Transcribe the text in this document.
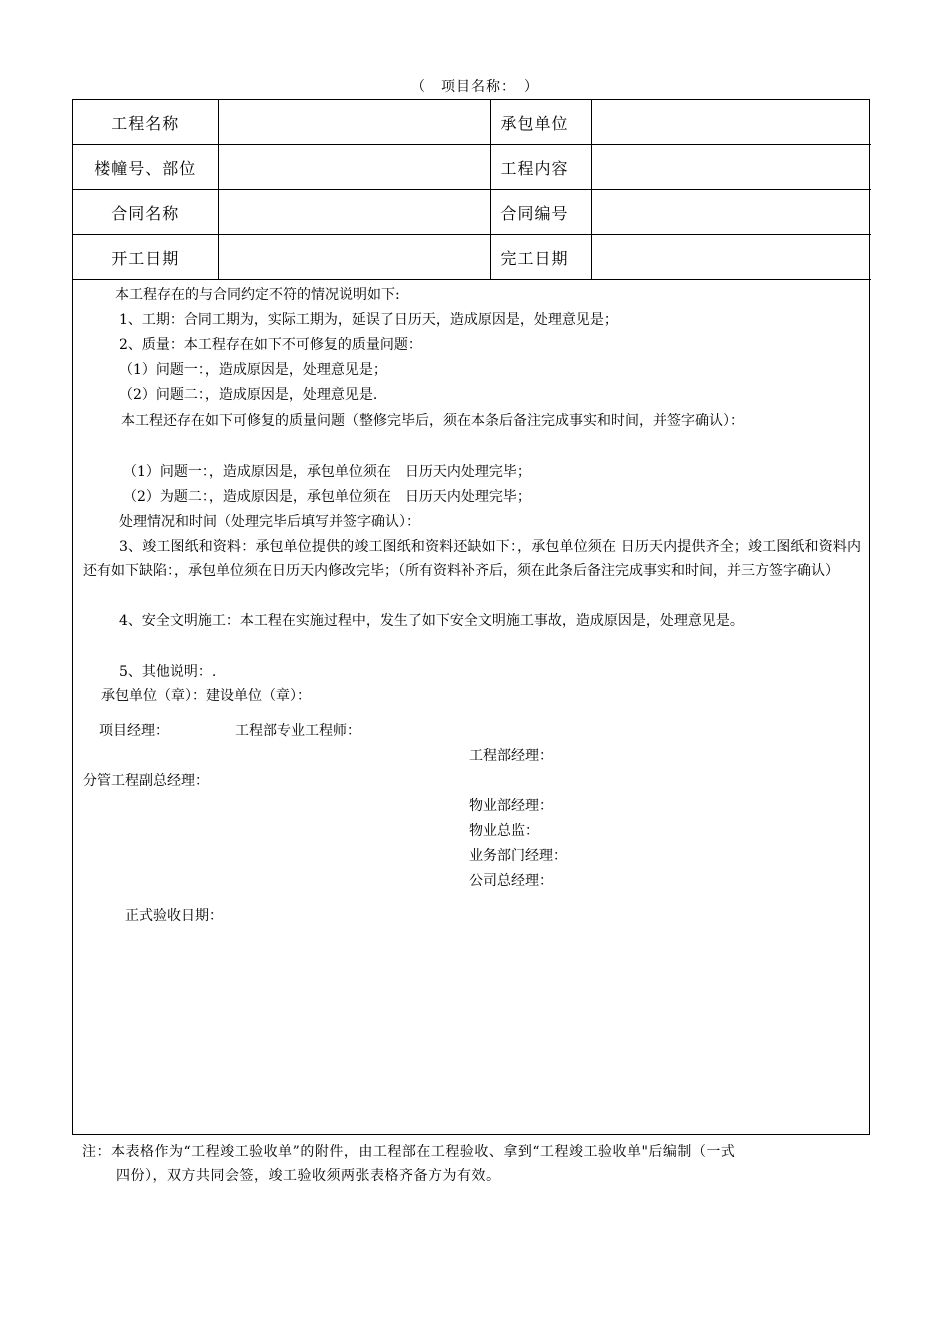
（　项目名称：　）
工程名称		承包单位	
楼幢号、部位		工程内容	
合同名称		合同编号	
开工日期		完工日期	
本工程存在的与合同约定不符的情况说明如下:
1、工期：合同工期为，实际工期为，延误了日历天，造成原因是，处理意见是；
2、质量：本工程存在如下不可修复的质量问题：
（1）问题一：，造成原因是，处理意见是；
（2）问题二：，造成原因是，处理意见是.
本工程还存在如下可修复的质量问题（整修完毕后，须在本条后备注完成事实和时间，并签字确认）：
（1）问题一：，造成原因是，承包单位须在　日历天内处理完毕；
（2）为题二：，造成原因是，承包单位须在　日历天内处理完毕；
处理情况和时间（处理完毕后填写并签字确认）：
3、竣工图纸和资料：承包单位提供的竣工图纸和资料还缺如下：，承包单位须在 日历天内提供齐全；竣工图纸和资料内还有如下缺陷：，承包单位须在日历天内修改完毕；（所有资料补齐后，须在此条后备注完成事实和时间，并三方签字确认）
4、安全文明施工：本工程在实施过程中，发生了如下安全文明施工事故，造成原因是，处理意见是。
5、其他说明：.
承包单位（章）：建设单位（章）：
项目经理：	工程部专业工程师：
工程部经理：
分管工程副总经理：
物业部经理：
物业总监：
业务部门经理：
公司总经理：
正式验收日期：
注：本表格作为“工程竣工验收单”的附件，由工程部在工程验收、拿到“工程竣工验收单"后编制（一式
四份），双方共同会签，竣工验收须两张表格齐备方为有效。
